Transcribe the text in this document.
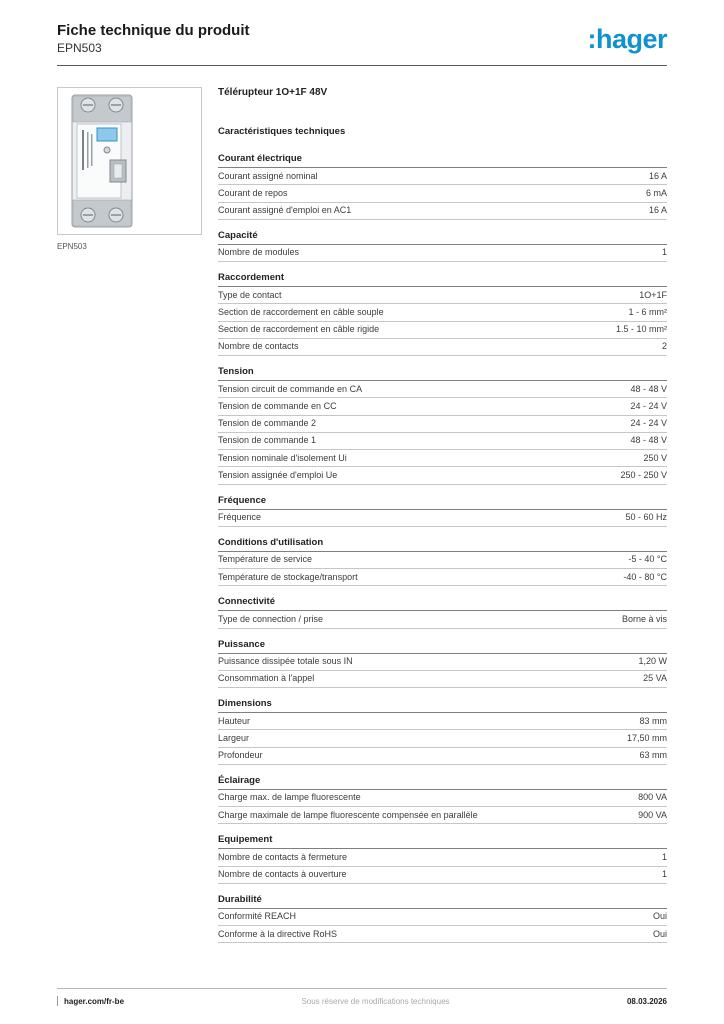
Fiche technique du produit
EPN503	:hager
EPN503
Télérupteur 1O+1F 48V
Caractéristiques techniques
Courant électrique
Courant assigné nominal	16 A
Courant de repos	6 mA
Courant assigné d'emploi en AC1	16 A
Capacité
Nombre de modules	1
Raccordement
Type de contact	1O+1F
Section de raccordement en câble souple	1 - 6 mm²
Section de raccordement en câble rigide	1.5 - 10 mm²
Nombre de contacts	2
Tension
Tension circuit de commande en CA	48 - 48 V
Tension de commande en CC	24 - 24 V
Tension de commande 2	24 - 24 V
Tension de commande 1	48 - 48 V
Tension nominale d'isolement Ui	250 V
Tension assignée d'emploi Ue	250 - 250 V
Fréquence
Fréquence	50 - 60 Hz
Conditions d'utilisation
Température de service	-5 - 40 °C
Température de stockage/transport	-40 - 80 °C
Connectivité
Type de connection / prise	Borne à vis
Puissance
Puissance dissipée totale sous IN	1,20 W
Consommation à l'appel	25 VA
Dimensions
Hauteur	83 mm
Largeur	17,50 mm
Profondeur	63 mm
Éclairage
Charge max. de lampe fluorescente	800 VA
Charge maximale de lampe fluorescente compensée en parallèle	900 VA
Equipement
Nombre de contacts à fermeture	1
Nombre de contacts à ouverture	1
Durabilité
Conformité REACH	Oui
Conforme à la directive RoHS	Oui
hager.com/fr-be	Sous réserve de modifications techniques	08.03.2026
